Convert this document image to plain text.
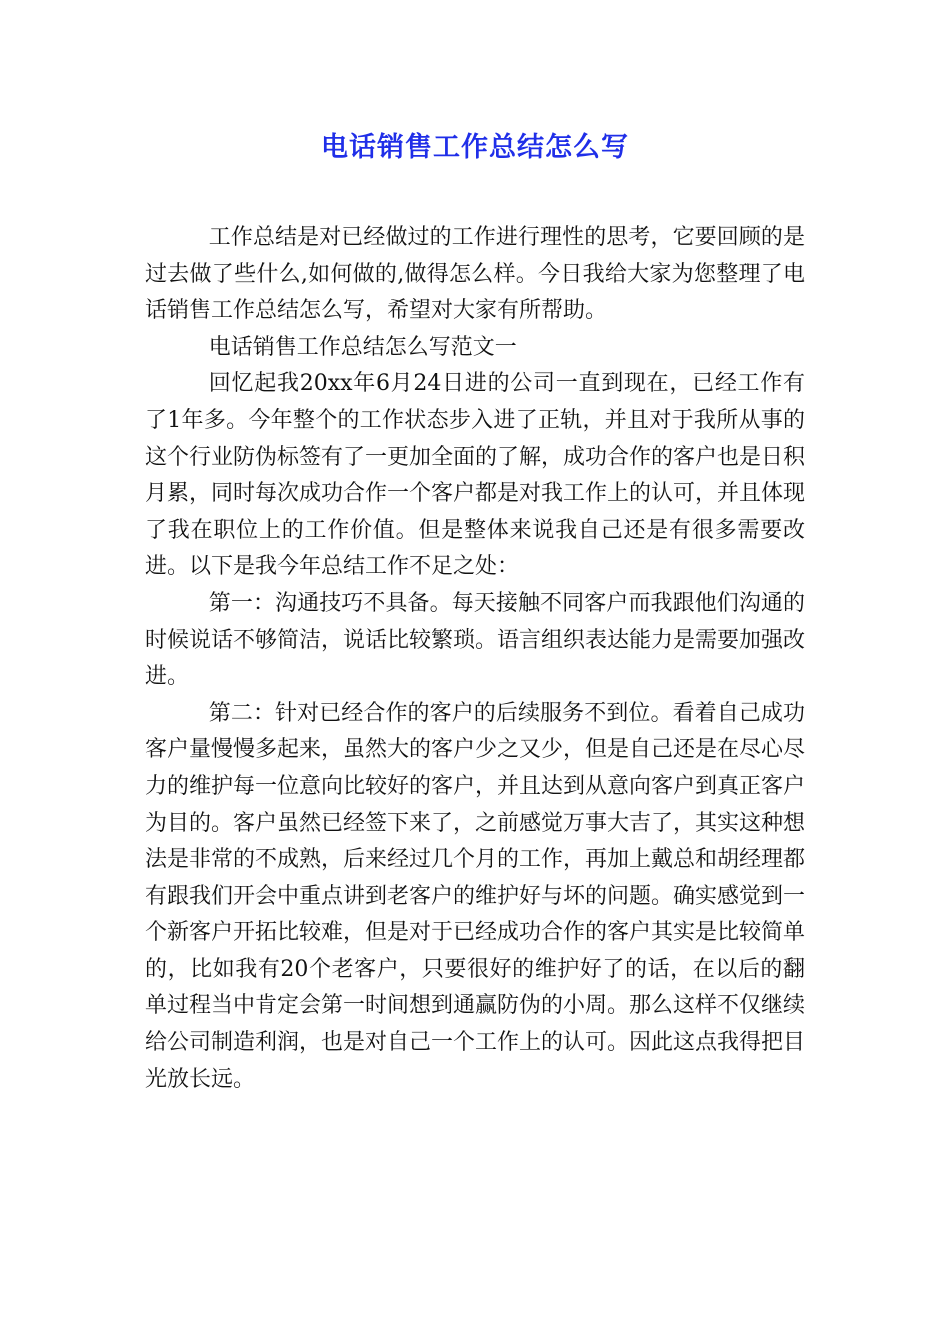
电话销售工作总结怎么写

工作总结是对已经做过的工作进行理性的思考，它要回顾的是过去做了些什么,如何做的,做得怎么样。今日我给大家为您整理了电话销售工作总结怎么写，希望对大家有所帮助。

电话销售工作总结怎么写范文一

回忆起我20xx年6月24日进的公司一直到现在，已经工作有了1年多。今年整个的工作状态步入进了正轨，并且对于我所从事的这个行业防伪标签有了一更加全面的了解，成功合作的客户也是日积月累，同时每次成功合作一个客户都是对我工作上的认可，并且体现了我在职位上的工作价值。但是整体来说我自己还是有很多需要改进。以下是我今年总结工作不足之处：

第一：沟通技巧不具备。每天接触不同客户而我跟他们沟通的时候说话不够简洁，说话比较繁琐。语言组织表达能力是需要加强改进。

第二：针对已经合作的客户的后续服务不到位。看着自己成功客户量慢慢多起来，虽然大的客户少之又少，但是自己还是在尽心尽力的维护每一位意向比较好的客户，并且达到从意向客户到真正客户为目的。客户虽然已经签下来了，之前感觉万事大吉了，其实这种想法是非常的不成熟，后来经过几个月的工作，再加上戴总和胡经理都有跟我们开会中重点讲到老客户的维护好与坏的问题。确实感觉到一个新客户开拓比较难，但是对于已经成功合作的客户其实是比较简单的，比如我有20个老客户，只要很好的维护好了的话，在以后的翻单过程当中肯定会第一时间想到通赢防伪的小周。那么这样不仅继续给公司制造利润，也是对自己一个工作上的认可。因此这点我得把目光放长远。
